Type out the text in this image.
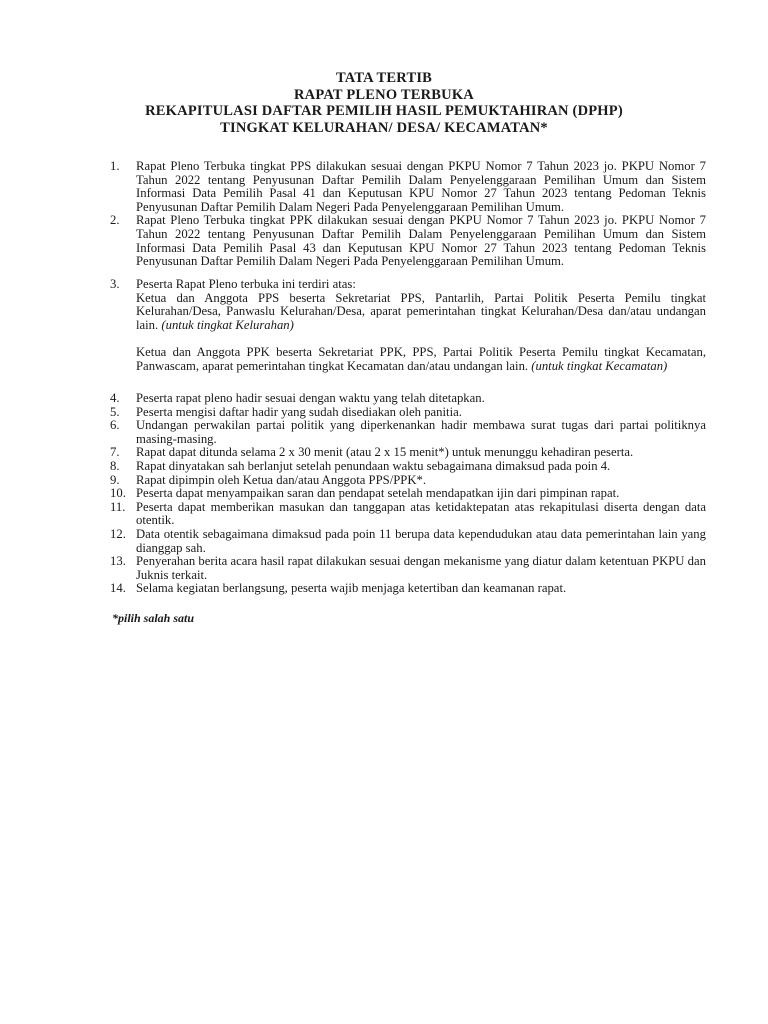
TATA TERTIB
RAPAT PLENO TERBUKA
REKAPITULASI DAFTAR PEMILIH HASIL PEMUKTAHIRAN (DPHP)
TINGKAT KELURAHAN/ DESA/ KECAMATAN*
1. Rapat Pleno Terbuka tingkat PPS dilakukan sesuai dengan PKPU Nomor 7 Tahun 2023 jo. PKPU Nomor 7 Tahun 2022 tentang Penyusunan Daftar Pemilih Dalam Penyelenggaraan Pemilihan Umum dan Sistem Informasi Data Pemilih Pasal 41 dan Keputusan KPU Nomor 27 Tahun 2023 tentang Pedoman Teknis Penyusunan Daftar Pemilih Dalam Negeri Pada Penyelenggaraan Pemilihan Umum.
2. Rapat Pleno Terbuka tingkat PPK dilakukan sesuai dengan PKPU Nomor 7 Tahun 2023 jo. PKPU Nomor 7 Tahun 2022 tentang Penyusunan Daftar Pemilih Dalam Penyelenggaraan Pemilihan Umum dan Sistem Informasi Data Pemilih Pasal 43 dan Keputusan KPU Nomor 27 Tahun 2023 tentang Pedoman Teknis Penyusunan Daftar Pemilih Dalam Negeri Pada Penyelenggaraan Pemilihan Umum.
3. Peserta Rapat Pleno terbuka ini terdiri atas:
Ketua dan Anggota PPS beserta Sekretariat PPS, Pantarlih, Partai Politik Peserta Pemilu tingkat Kelurahan/Desa, Panwaslu Kelurahan/Desa, aparat pemerintahan tingkat Kelurahan/Desa dan/atau undangan lain. (untuk tingkat Kelurahan)
Ketua dan Anggota PPK beserta Sekretariat PPK, PPS, Partai Politik Peserta Pemilu tingkat Kecamatan, Panwascam, aparat pemerintahan tingkat Kecamatan dan/atau undangan lain. (untuk tingkat Kecamatan)
4. Peserta rapat pleno hadir sesuai dengan waktu yang telah ditetapkan.
5. Peserta mengisi daftar hadir yang sudah disediakan oleh panitia.
6. Undangan perwakilan partai politik yang diperkenankan hadir membawa surat tugas dari partai politiknya masing-masing.
7. Rapat dapat ditunda selama 2 x 30 menit (atau 2 x 15 menit*) untuk menunggu kehadiran peserta.
8. Rapat dinyatakan sah berlanjut setelah penundaan waktu sebagaimana dimaksud pada poin 4.
9. Rapat dipimpin oleh Ketua dan/atau Anggota PPS/PPK*.
10. Peserta dapat menyampaikan saran dan pendapat setelah mendapatkan ijin dari pimpinan rapat.
11. Peserta dapat memberikan masukan dan tanggapan atas ketidaktepatan atas rekapitulasi diserta dengan data otentik.
12. Data otentik sebagaimana dimaksud pada poin 11 berupa data kependudukan atau data pemerintahan lain yang dianggap sah.
13. Penyerahan berita acara hasil rapat dilakukan sesuai dengan mekanisme yang diatur dalam ketentuan PKPU dan Juknis terkait.
14. Selama kegiatan berlangsung, peserta wajib menjaga ketertiban dan keamanan rapat.
*pilih salah satu
